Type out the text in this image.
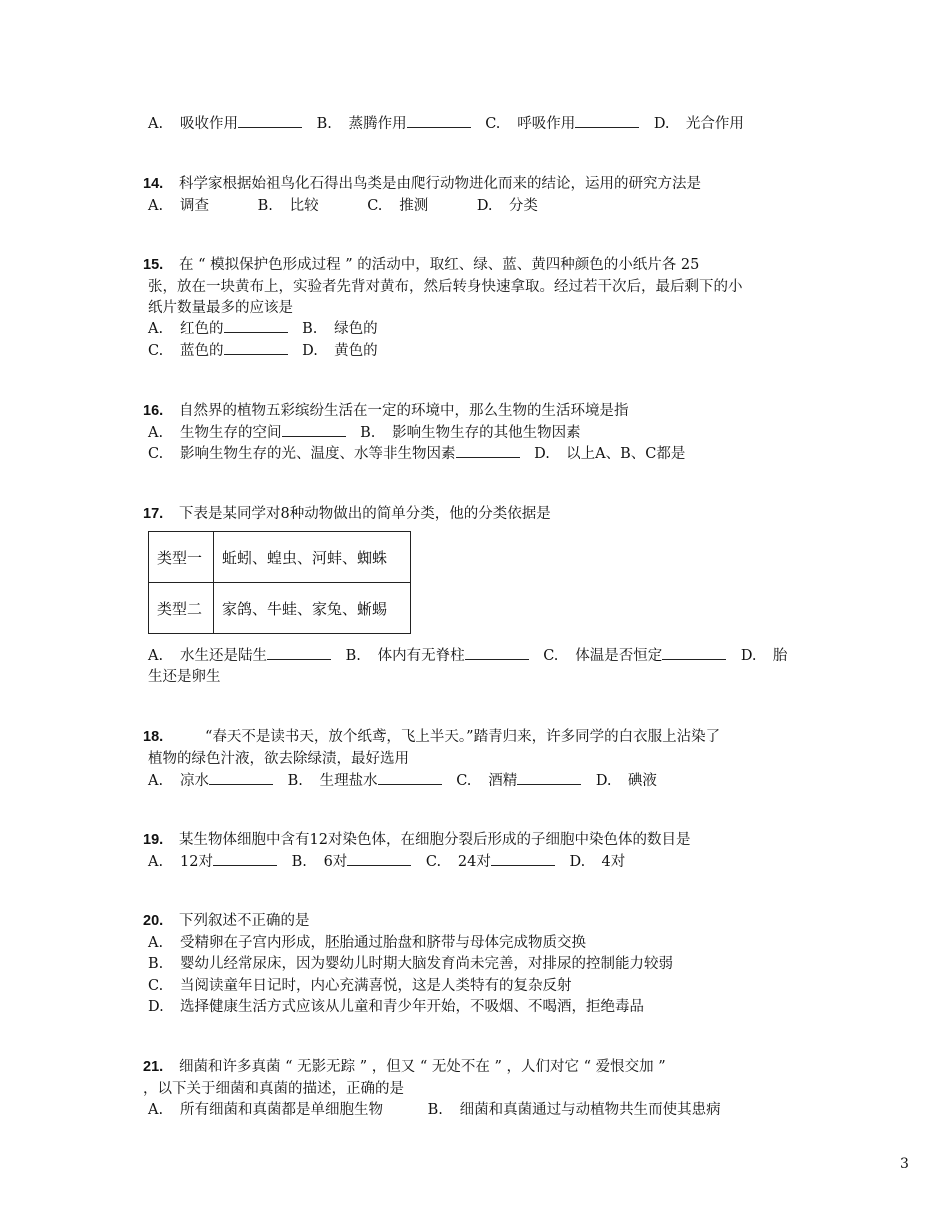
A. 吸收作用	B. 蒸腾作用	C. 呼吸作用	D. 光合作用
14. 科学家根据始祖鸟化石得出鸟类是由爬行动物进化而来的结论，运用的研究方法是
A. 调查	B. 比较	C. 推测	D. 分类
15. 在 “ 模拟保护色形成过程 ” 的活动中，取红、绿、蓝、黄四种颜色的小纸片各 25
张，放在一块黄布上，实验者先背对黄布，然后转身快速拿取。经过若干次后，最后剩下的小
纸片数量最多的应该是
A. 红色的	B. 绿色的
C. 蓝色的	D. 黄色的
16. 自然界的植物五彩缤纷生活在一定的环境中，那么生物的生活环境是指
A. 生物生存的空间	B. 影响生物生存的其他生物因素
C. 影响生物生存的光、温度、水等非生物因素	D. 以上A、B、C都是
17. 下表是某同学对8种动物做出的简单分类，他的分类依据是
类型一	蚯蚓、蝗虫、河蚌、蜘蛛
类型二	家鸽、牛蛙、家兔、蜥蜴
A. 水生还是陆生	B. 体内有无脊柱	C. 体温是否恒定	D. 胎
生还是卵生
18.	“春天不是读书天，放个纸鸢，飞上半天。”踏青归来，许多同学的白衣服上沾染了
植物的绿色汁液，欲去除绿渍，最好选用
A. 凉水	B. 生理盐水	C. 酒精	D. 碘液
19. 某生物体细胞中含有12对染色体，在细胞分裂后形成的子细胞中染色体的数目是
A. 12对	B. 6对	C. 24对	D. 4对
20. 下列叙述不正确的是
A. 受精卵在子宫内形成，胚胎通过胎盘和脐带与母体完成物质交换
B. 婴幼儿经常尿床，因为婴幼儿时期大脑发育尚未完善，对排尿的控制能力较弱
C. 当阅读童年日记时，内心充满喜悦，这是人类特有的复杂反射
D. 选择健康生活方式应该从儿童和青少年开始，不吸烟、不喝酒，拒绝毒品
21. 细菌和许多真菌 “ 无影无踪 ” ，但又 “ 无处不在 ” ，人们对它 “ 爱恨交加 ”
，以下关于细菌和真菌的描述，正确的是
A. 所有细菌和真菌都是单细胞生物	B. 细菌和真菌通过与动植物共生而使其患病
3
